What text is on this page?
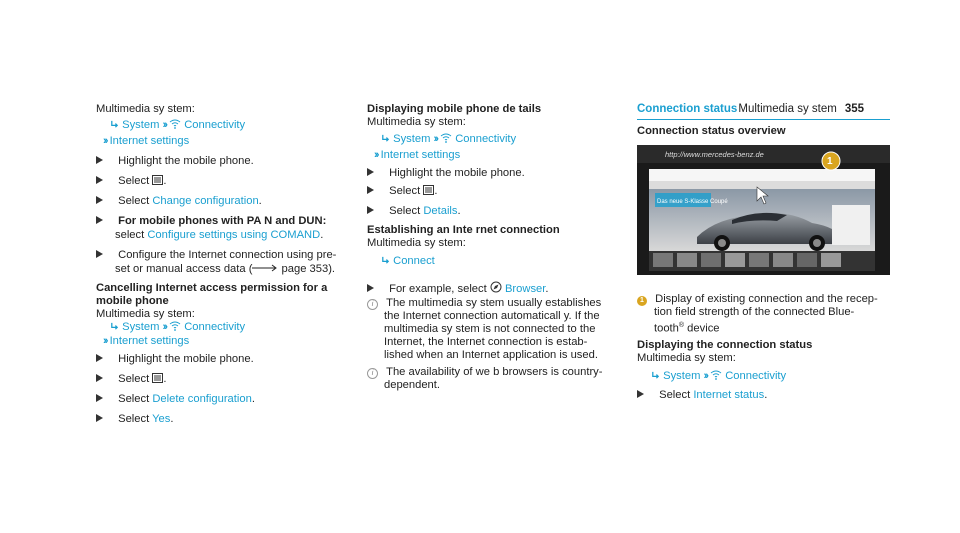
Multimedia sy stem 355
Multimedia sy stem:
System ›› Connectivity
›› Internet settings
Highlight the mobile phone.
Select .
Select Change configuration.
For mobile phones with PA N and DUN:
select Configure settings using COMAND.
Configure the Internet connection using pre-
set or manual access data (	page 353).
Cancelling Internet access permission for a
mobile phone
Multimedia sy stem:
System ›› Connectivity
›› Internet settings
Highlight the mobile phone.
Select .
Select Delete configuration.
Select Yes.
Displaying mobile phone de tails
Multimedia sy stem:
System ›› Connectivity
›› Internet settings
Highlight the mobile phone.
Select .
Select Details.
Establishing an Inte rnet connection
Multimedia sy stem:
Connect
For example, select Browser.
i The multimedia sy stem usually establishes
the Internet connection automaticall y. If the
multimedia sy stem is not connected to the
Internet, the Internet connection is estab‐
lished when an Internet application is used.
i The availability of we b browsers is country-
dependent.
Connection status
Connection status overview
http://www.mercedes-benz.de
Das neue S-Klasse Coupé
1
1 Display of existing connection and the recep‐
tion field strength of the connected Blue‐
tooth® device
Displaying the connection status
Multimedia sy stem:
System ›› Connectivity
Select Internet status.
